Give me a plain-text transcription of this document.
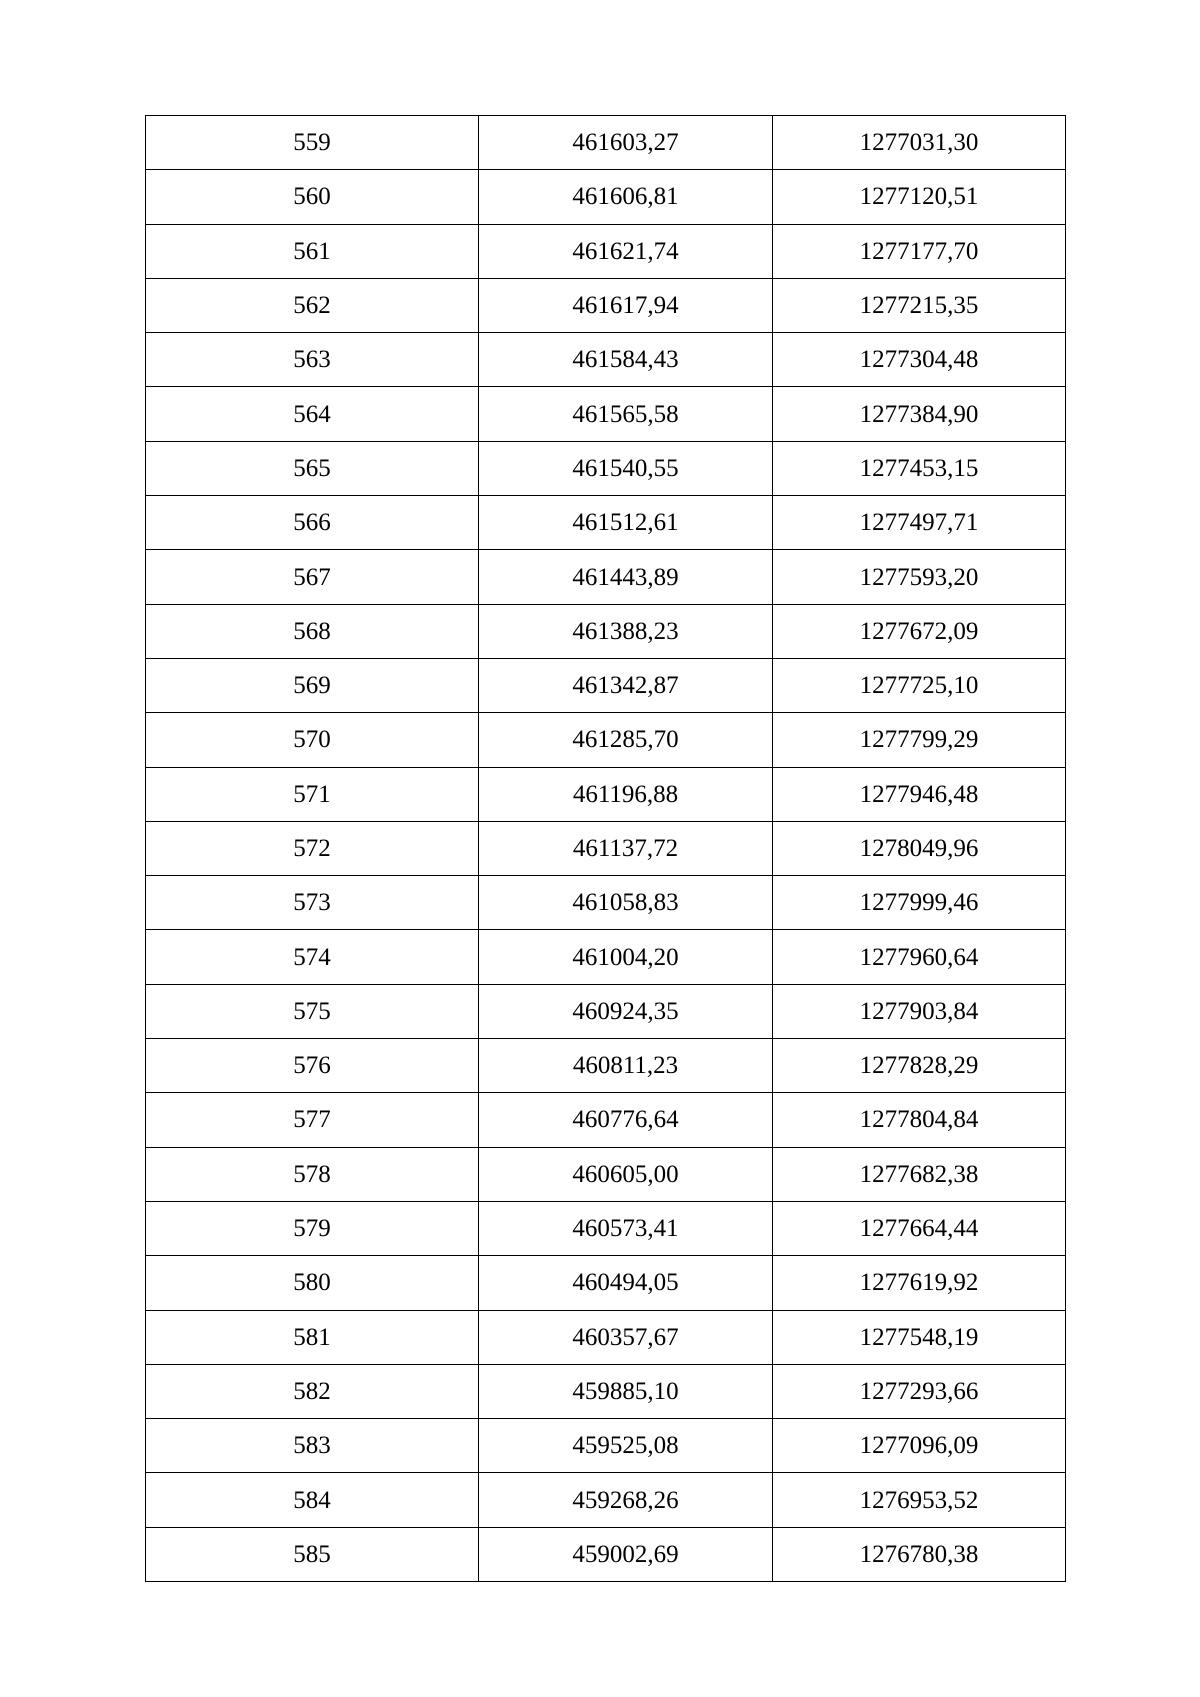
559	461603,27	1277031,30
560	461606,81	1277120,51
561	461621,74	1277177,70
562	461617,94	1277215,35
563	461584,43	1277304,48
564	461565,58	1277384,90
565	461540,55	1277453,15
566	461512,61	1277497,71
567	461443,89	1277593,20
568	461388,23	1277672,09
569	461342,87	1277725,10
570	461285,70	1277799,29
571	461196,88	1277946,48
572	461137,72	1278049,96
573	461058,83	1277999,46
574	461004,20	1277960,64
575	460924,35	1277903,84
576	460811,23	1277828,29
577	460776,64	1277804,84
578	460605,00	1277682,38
579	460573,41	1277664,44
580	460494,05	1277619,92
581	460357,67	1277548,19
582	459885,10	1277293,66
583	459525,08	1277096,09
584	459268,26	1276953,52
585	459002,69	1276780,38
